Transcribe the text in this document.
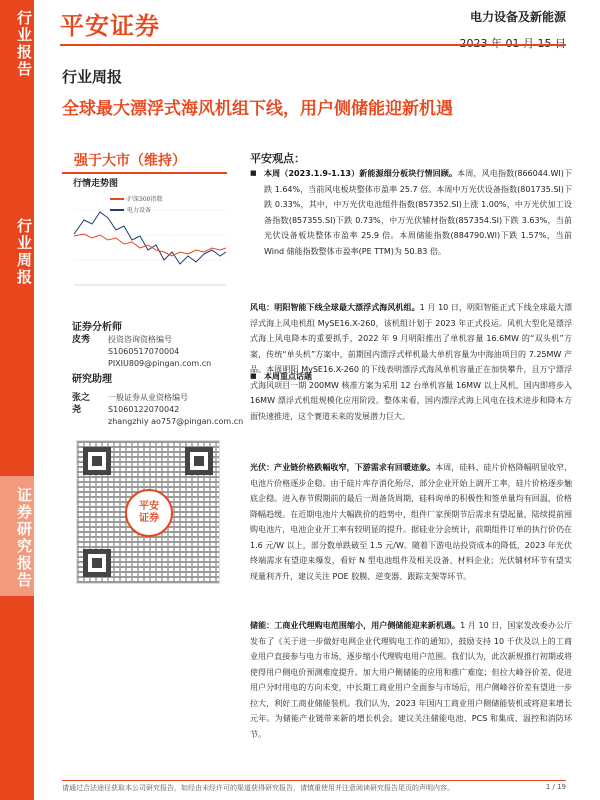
行业报告
行业周报
证券研究报告
平安证券	电力设备及新能源
行业周报
全球最大漂浮式海风机组下线，用户侧储能迎新机遇
强于大市（维持）
行情走势图
沪深300指数
电力设备
证券分析师
皮秀 投资咨询资格编号
S1060517070004
PIXIU809@pingan.com.cn
研究助理
张之尧
一般证券从业资格编号
S1060122070042
zhangzhiy ao757@pingan.com.cn
平安
证券
平安观点：
■ 本周（2023.1.9-1.13）新能源细分板块行情回顾。本周，风电指数(866044.WI)下跌 1.64%，当前风电板块整体市盈率 25.7 倍。本周中万光伏设备指数(801735.SI)下跌 0.33%，其中，中万光伏电池组件指数(857352.SI)上涨 1.00%，中万光伏加工设备指数(857355.SI)下跌 0.73%，中万光伏辅材指数(857354.SI)下跌 3.63%，当前光伏设备板块整体市盈率 25.9 倍。本周储能指数(884790.WI)下跌 1.57%，当前 Wind 储能指数整体市盈率(PE TTM)为 50.83 倍。
■ 本周重点话题
风电：明阳智能下线全球最大漂浮式海风机组。1 月 10 日，明阳智能正式下线全球最大漂浮式海上风电机组 MySE16.X-260，该机组计划于 2023 年正式投运。风机大型化是漂浮式海上风电降本的重要抓手，2022 年 9 月明阳推出了单机容量 16.6MW 的“双头机”方案，传统“单头机”方案中，前期国内漂浮式样机最大单机容量为中海油项目的 7.25MW 产品。本周明阳 MySE16.X-260 的下线表明漂浮式海风单机容量正在加快攀升，且万宁漂浮式海风项目一期 200MW 核准方案为采用 12 台单机容量 16MW 以上风机，国内即将步入 16MW 漂浮式机组规模化应用阶段。整体来看，国内漂浮式海上风电在技术进步和降本方面快速推进，这个赛道未来的发展潜力巨大。
光伏：产业链价格跌幅收窄，下游需求有回暖迹象。本周，硅料、硅片价格降幅明显收窄，电池片价格逐步企稳。由于硅片库存消化殆尽，部分企业开始上调开工率，硅片价格逐步触底企稳。进入春节假期前的最后一周备货周期，硅料询单的积极性和签单量均有回温，价格降幅趋缓。在近期电池片大幅跌价的趋势中，组件厂家预期节后需求有望起量，陆续提前囤购电池片，电池企业开工率有较明显的提升。据硅业分会统计，前期组件订单的执行价仍在 1.6 元/W 以上，部分数单跌破至 1.5 元/W。随着下游电站投资成本的降低，2023 年光伏终端需求有望迎来爆发，看好 N 型电池组件及相关设备、材料企业；光伏辅材环节有望实现量利齐升，建议关注 POE 胶膜、逆变器、跟踪支架等环节。
储能：工商业代理购电范围缩小，用户侧储能迎来新机遇。1 月 10 日，国家发改委办公厅发布了《关于进一步做好电网企业代理购电工作的通知》，鼓励支持 10 千伏及以上的工商业用户直接参与电力市场，逐步缩小代理购电用户范围。我们认为，此次新规推行初期或将使得用户侧电价预测难度提升。加大用户侧储能的应用和推广难度；但拉大峰谷价差、促进用户分时用电的方向未变，中长期工商业用户全面参与市场后，用户侧峰谷价差有望进一步拉大，利好工商业储能装机。我们认为，2023 年国内工商业用户侧储能装机或将迎来增长元年。为储能产业链带来新的增长机会。建议关注储能电池、PCS 和集成、温控和消防环节。
请通过合法途径获取本公司研究报告，如经由未经许可的渠道获得研究报告，请慎重使用并注意阅读研究报告尾页的声明内容。	1 / 19
